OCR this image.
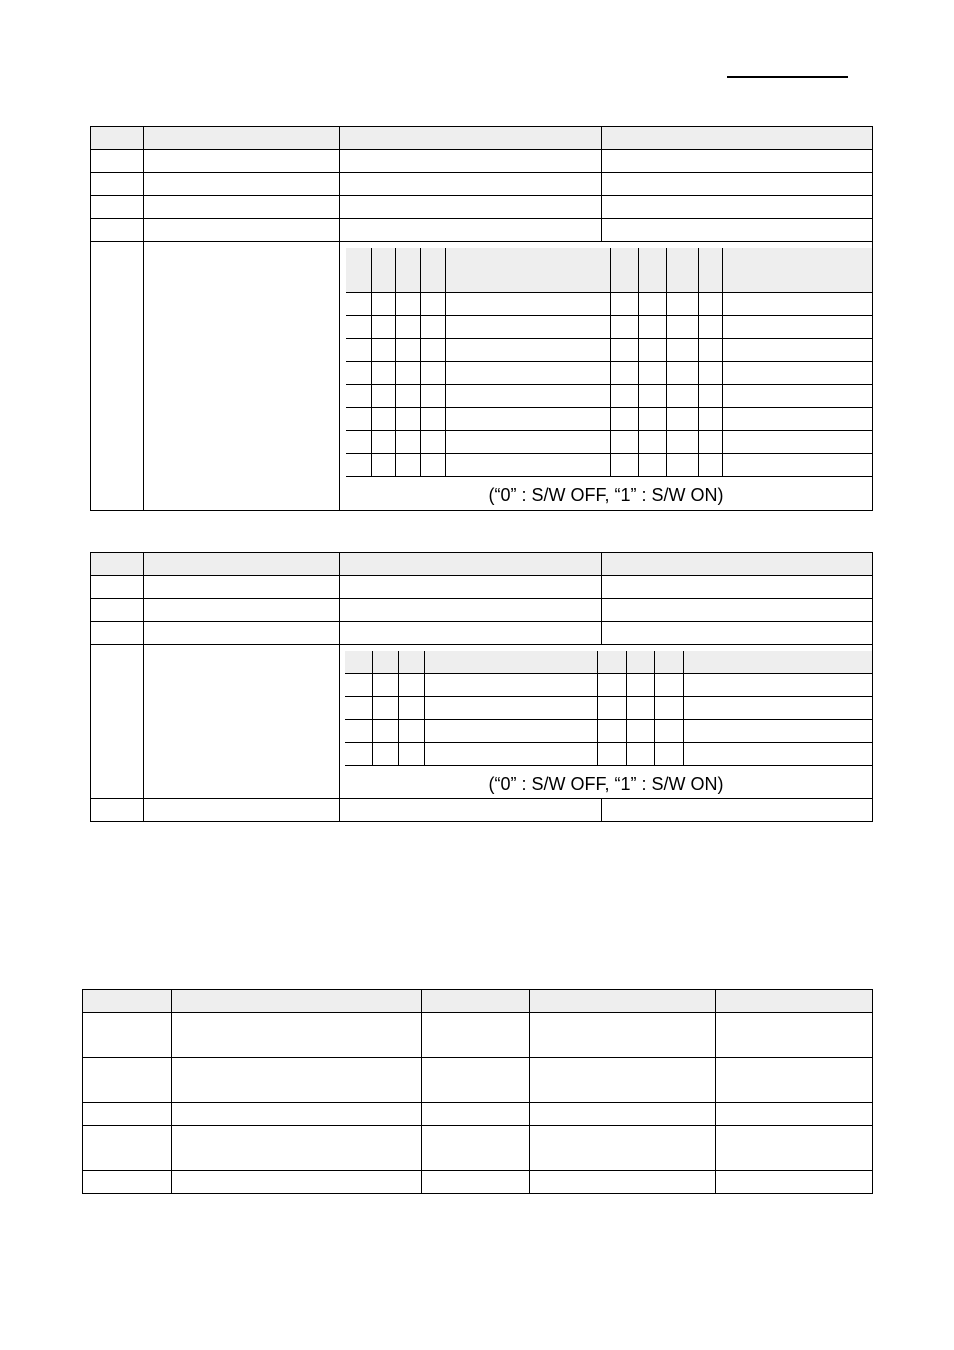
(“0” : S/W OFF, “1” : S/W ON)

(“0” : S/W OFF, “1” : S/W ON)
